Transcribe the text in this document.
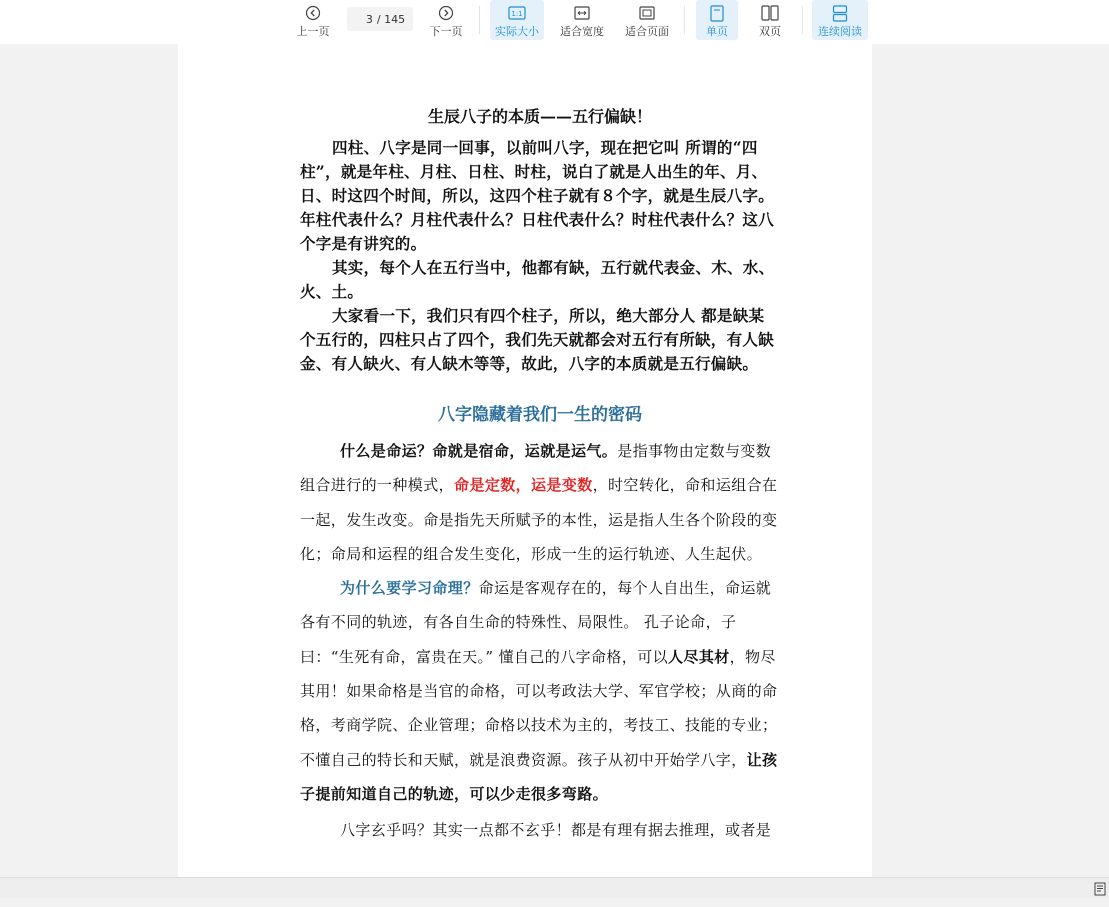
上一页
3
/ 145
下一页
1:1
实际大小 适合宽度 适合页面	单页	双页	连续阅读

生辰八子的本质——五行偏缺！

四柱、八字是同一回事，以前叫八字，现在把它叫 所谓的“四柱”，就是年柱、月柱、日柱、时柱，说白了就是人出生的年、月、日、时这四个时间，所以，这四个柱子就有８个字，就是生辰八字。年柱代表什么？月柱代表什么？日柱代表什么？时柱代表什么？这八个字是有讲究的。

其实，每个人在五行当中，他都有缺，五行就代表金、木、水、火、土。

大家看一下，我们只有四个柱子，所以，绝大部分人 都是缺某个五行的，四柱只占了四个，我们先天就都会对五行有所缺，有人缺金、有人缺火、有人缺木等等，故此，八字的本质就是五行偏缺。

八字隐藏着我们一生的密码

什么是命运？命就是宿命，运就是运气。是指事物由定数与变数组合进行的一种模式，命是定数，运是变数，时空转化，命和运组合在一起，发生改变。命是指先天所赋予的本性，运是指人生各个阶段的变化；命局和运程的组合发生变化，形成一生的运行轨迹、人生起伏。

为什么要学习命理？命运是客观存在的，每个人自出生，命运就各有不同的轨迹，有各自生命的特殊性、局限性。 孔子论命，子曰：“生死有命，富贵在天。” 懂自己的八字命格，可以人尽其材，物尽其用！如果命格是当官的命格，可以考政法大学、军官学校；从商的命格，考商学院、企业管理；命格以技术为主的，考技工、技能的专业；不懂自己的特长和天赋，就是浪费资源。孩子从初中开始学八字，让孩子提前知道自己的轨迹，可以少走很多弯路。

八字玄乎吗？其实一点都不玄乎！都是有理有据去推理，或者是
